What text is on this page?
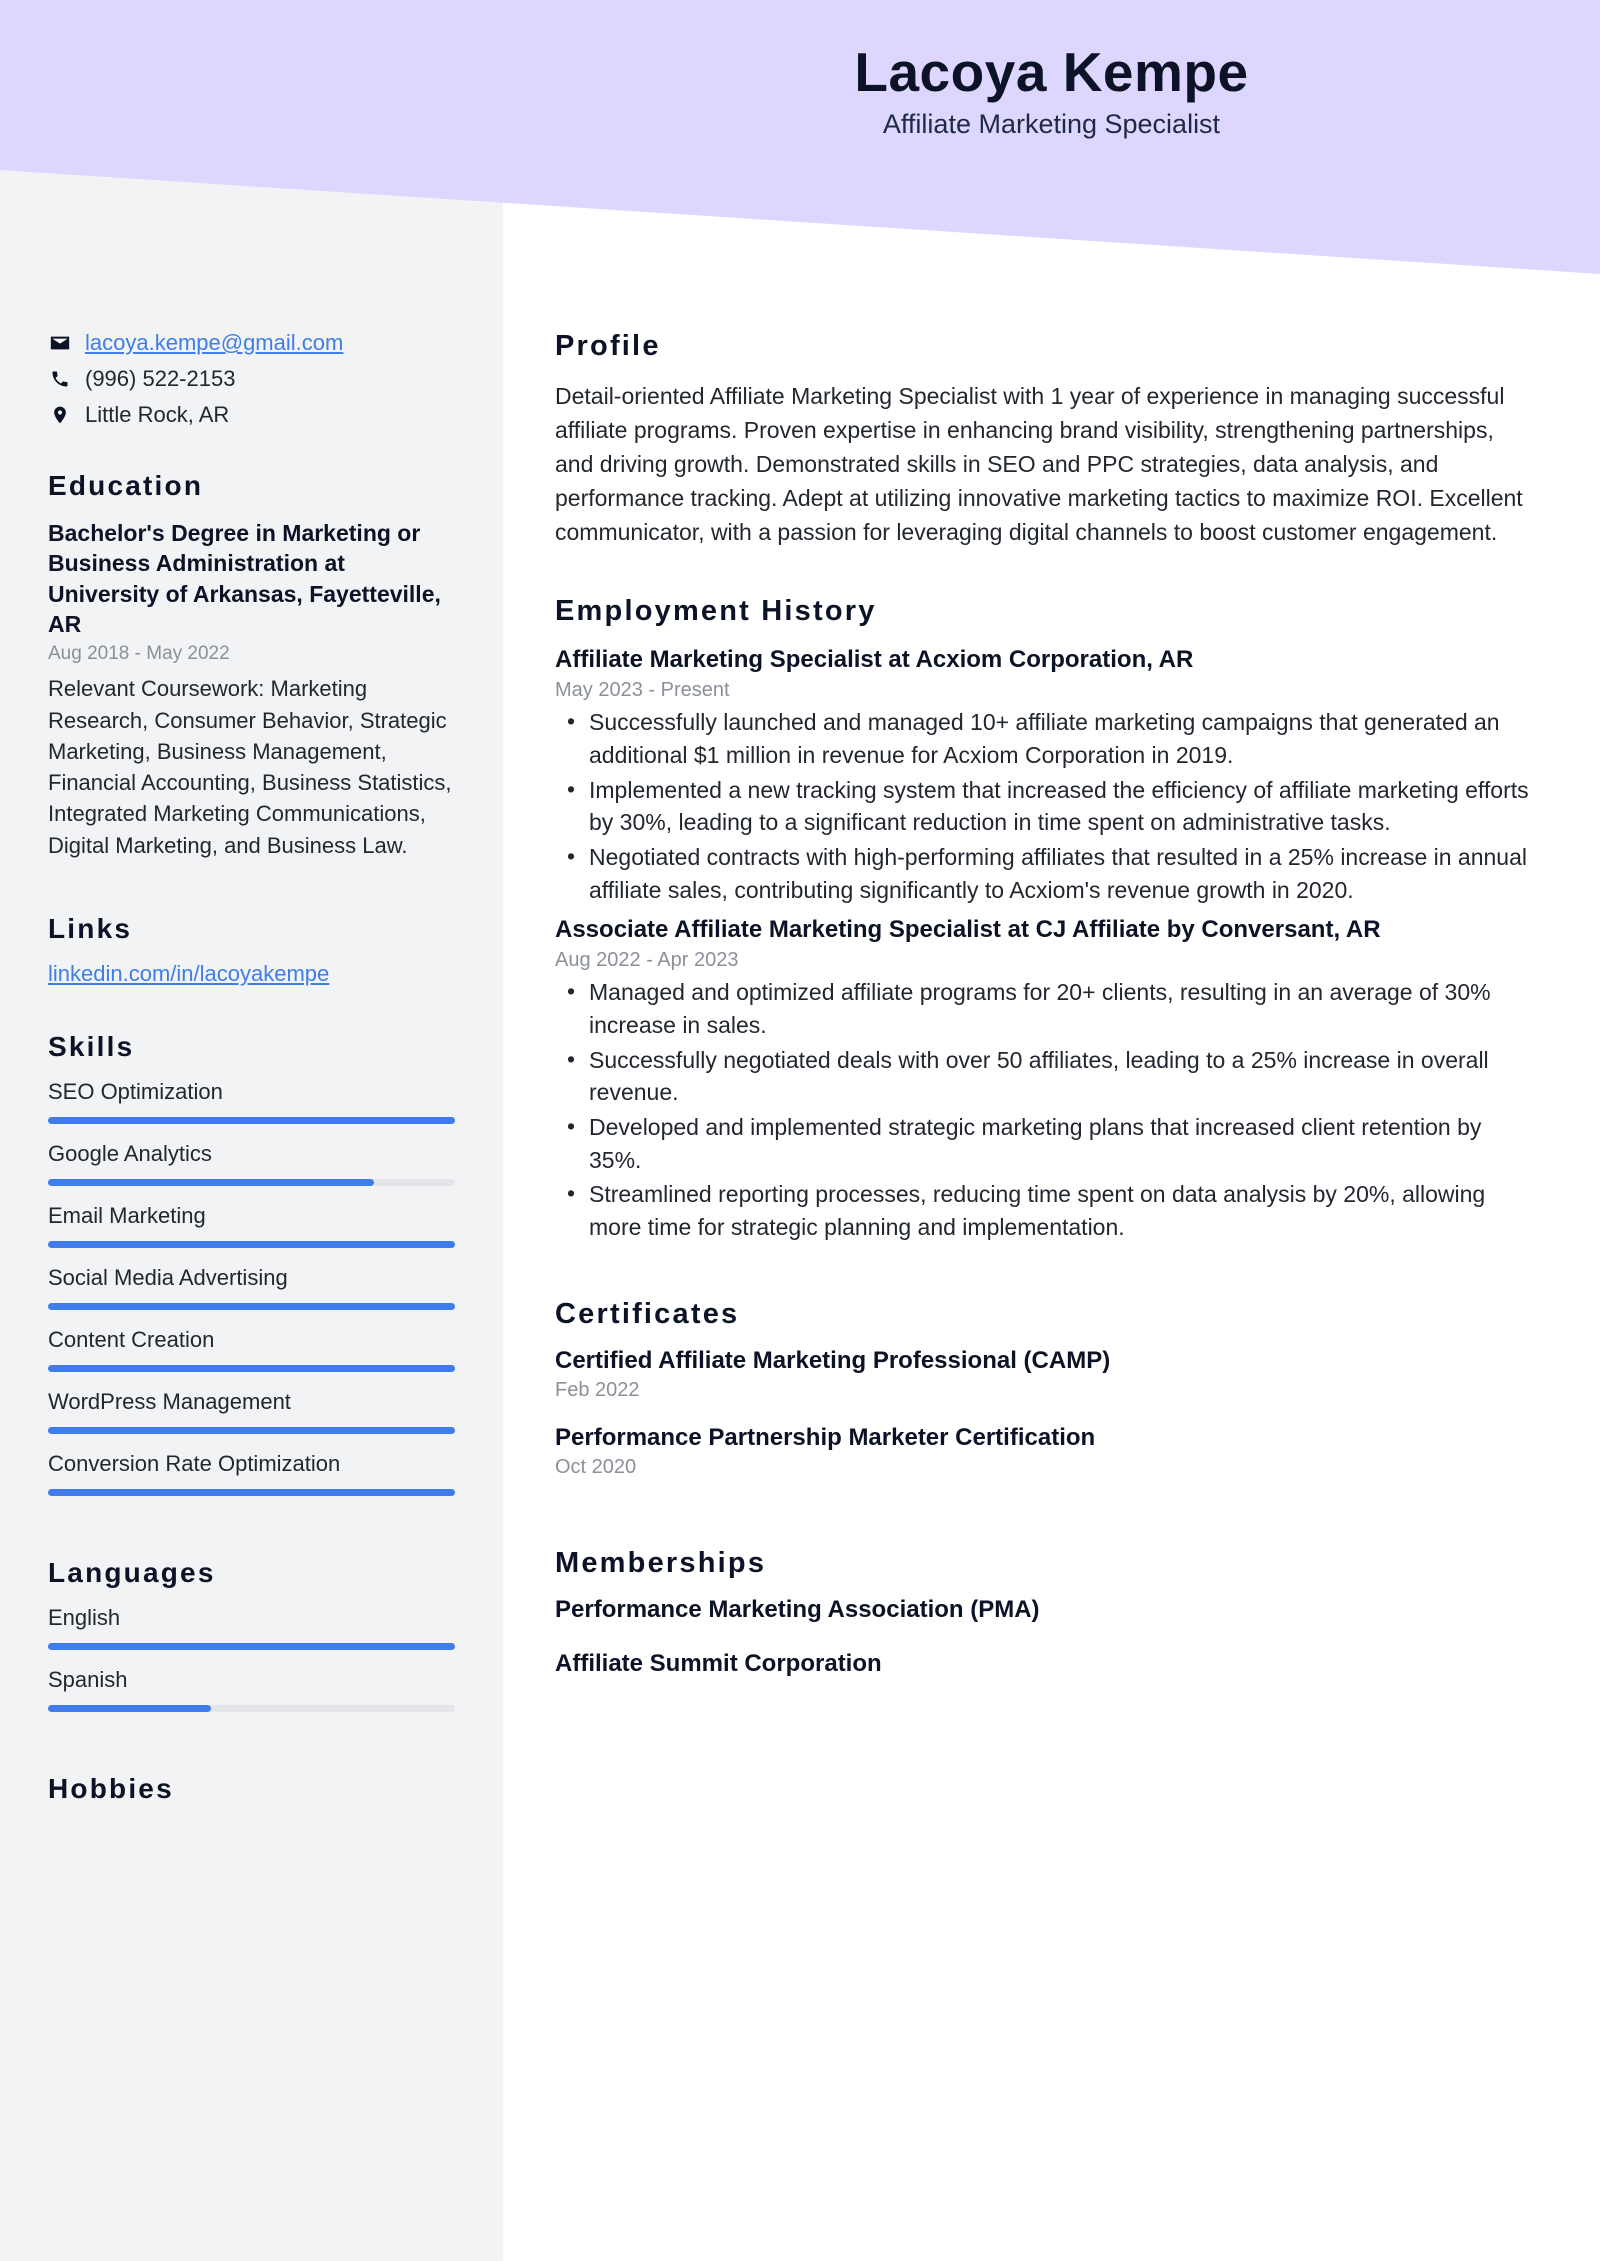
Lacoya Kempe
Affiliate Marketing Specialist
lacoya.kempe@gmail.com
(996) 522-2153
Little Rock, AR
Education
Bachelor's Degree in Marketing or Business Administration at University of Arkansas, Fayetteville, AR
Aug 2018 - May 2022
Relevant Coursework: Marketing Research, Consumer Behavior, Strategic Marketing, Business Management, Financial Accounting, Business Statistics, Integrated Marketing Communications, Digital Marketing, and Business Law.
Links
linkedin.com/in/lacoyakempe
Skills
SEO Optimization
Google Analytics
Email Marketing
Social Media Advertising
Content Creation
WordPress Management
Conversion Rate Optimization
Languages
English
Spanish
Hobbies
Profile
Detail-oriented Affiliate Marketing Specialist with 1 year of experience in managing successful affiliate programs. Proven expertise in enhancing brand visibility, strengthening partnerships, and driving growth. Demonstrated skills in SEO and PPC strategies, data analysis, and performance tracking. Adept at utilizing innovative marketing tactics to maximize ROI. Excellent communicator, with a passion for leveraging digital channels to boost customer engagement.
Employment History
Affiliate Marketing Specialist at Acxiom Corporation, AR
May 2023 - Present
• Successfully launched and managed 10+ affiliate marketing campaigns that generated an additional $1 million in revenue for Acxiom Corporation in 2019.
• Implemented a new tracking system that increased the efficiency of affiliate marketing efforts by 30%, leading to a significant reduction in time spent on administrative tasks.
• Negotiated contracts with high-performing affiliates that resulted in a 25% increase in annual affiliate sales, contributing significantly to Acxiom's revenue growth in 2020.
Associate Affiliate Marketing Specialist at CJ Affiliate by Conversant, AR
Aug 2022 - Apr 2023
• Managed and optimized affiliate programs for 20+ clients, resulting in an average of 30% increase in sales.
• Successfully negotiated deals with over 50 affiliates, leading to a 25% increase in overall revenue.
• Developed and implemented strategic marketing plans that increased client retention by 35%.
• Streamlined reporting processes, reducing time spent on data analysis by 20%, allowing more time for strategic planning and implementation.
Certificates
Certified Affiliate Marketing Professional (CAMP)
Feb 2022
Performance Partnership Marketer Certification
Oct 2020
Memberships
Performance Marketing Association (PMA)
Affiliate Summit Corporation
